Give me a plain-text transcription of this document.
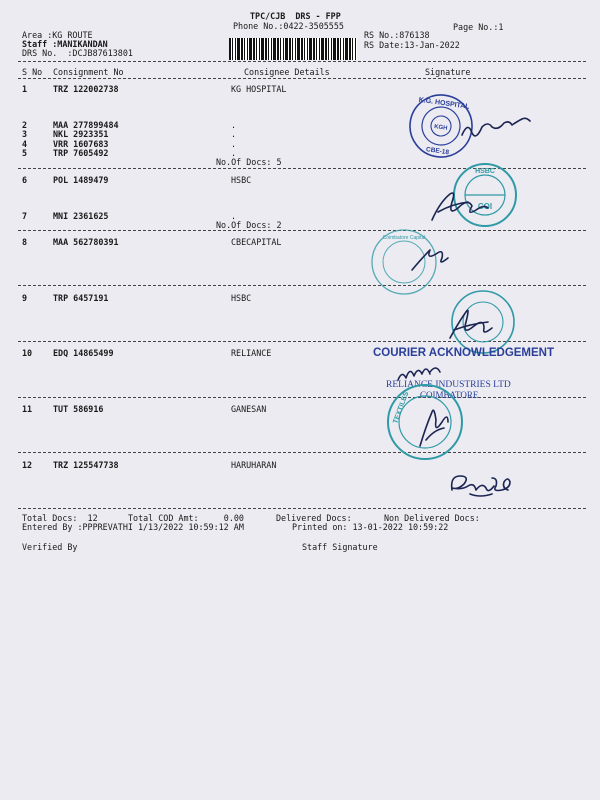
TPC/CJB  DRS - FPP
Phone No.:0422-3505555	Page No.:1
Area :KG ROUTE
Staff :MANIKANDAN
DRS No.  :DCJB87613801
RS No.:876138
RS Date:13-Jan-2022
S No Consignment No	Consignee Details	Signature
1	TRZ 122002738	KG HOSPITAL
2	MAA 277899484	.
3	NKL 2923351	.
4	VRR 1607683	.
5	TRP 7605492	.
No.Of Docs: 5
6	POL 1489479	HSBC
7	MNI 2361625	.
No.Of Docs: 2
8	MAA 562780391	CBECAPITAL
9	TRP 6457191	HSBC
10 EDQ 14865499	RELIANCE
11 TUT 586916	GANESAN
12 TRZ 125547738	HARUHARAN
Total Docs:  12	Total COD Amt:     0.00	Delivered Docs:	Non Delivered Docs:
Entered By :PPPREVATHI 1/13/2022 10:59:12 AM	Printed on: 13-01-2022 10:59:22
Verified By	Staff Signature
K.G. HOSPITAL
KGH
CBE-18
HSBC
COI
Coimbatore Capital
COURIER ACKNOWLEDGEMENT
RELIANCE INDUSTRIES LTD
COIMBATORE
TEXTILES
